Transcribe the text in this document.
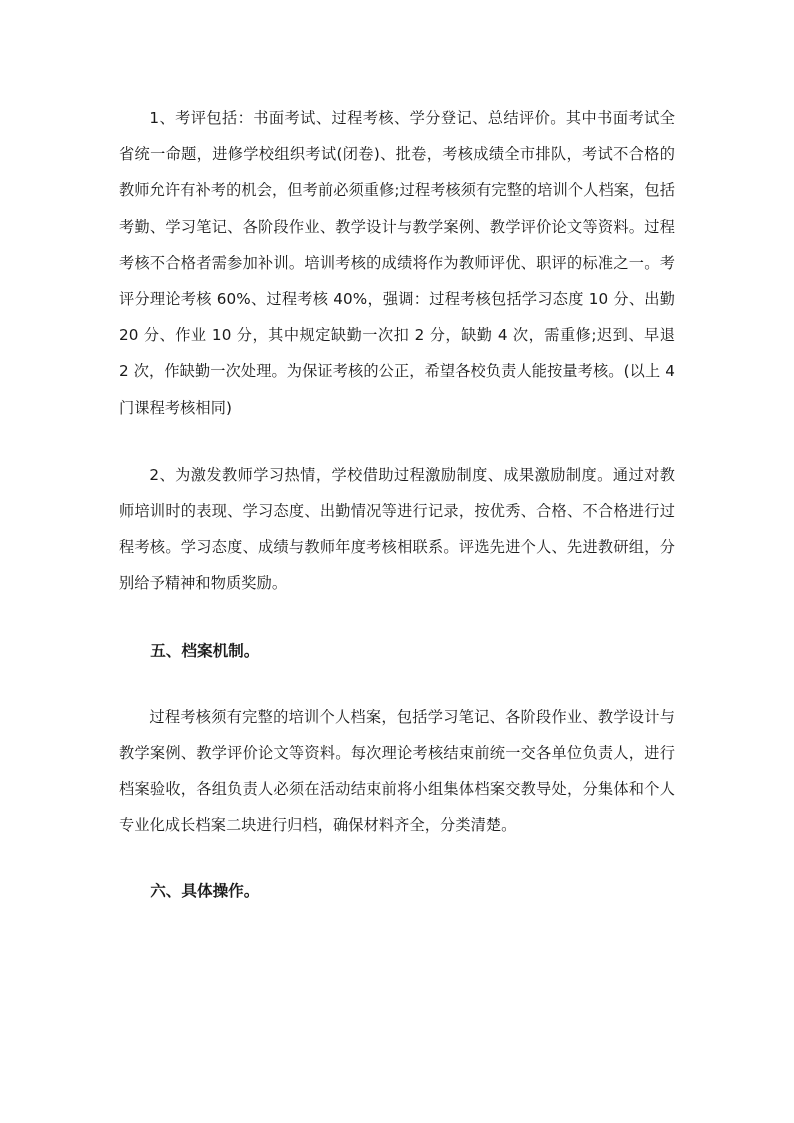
1、考评包括：书面考试、过程考核、学分登记、总结评价。其中书面考试全省统一命题，进修学校组织考试(闭卷)、批卷，考核成绩全市排队，考试不合格的教师允许有补考的机会，但考前必须重修;过程考核须有完整的培训个人档案，包括考勤、学习笔记、各阶段作业、教学设计与教学案例、教学评价论文等资料。过程考核不合格者需参加补训。培训考核的成绩将作为教师评优、职评的标准之一。考评分理论考核 60%、过程考核 40%，强调：过程考核包括学习态度 10 分、出勤 20 分、作业 10 分，其中规定缺勤一次扣 2 分，缺勤 4 次，需重修;迟到、早退 2 次，作缺勤一次处理。为保证考核的公正，希望各校负责人能按量考核。(以上 4 门课程考核相同)

2、为激发教师学习热情，学校借助过程激励制度、成果激励制度。通过对教师培训时的表现、学习态度、出勤情况等进行记录，按优秀、合格、不合格进行过程考核。学习态度、成绩与教师年度考核相联系。评选先进个人、先进教研组，分别给予精神和物质奖励。

五、档案机制。

过程考核须有完整的培训个人档案，包括学习笔记、各阶段作业、教学设计与教学案例、教学评价论文等资料。每次理论考核结束前统一交各单位负责人，进行档案验收，各组负责人必须在活动结束前将小组集体档案交教导处，分集体和个人专业化成长档案二块进行归档，确保材料齐全，分类清楚。

六、具体操作。
